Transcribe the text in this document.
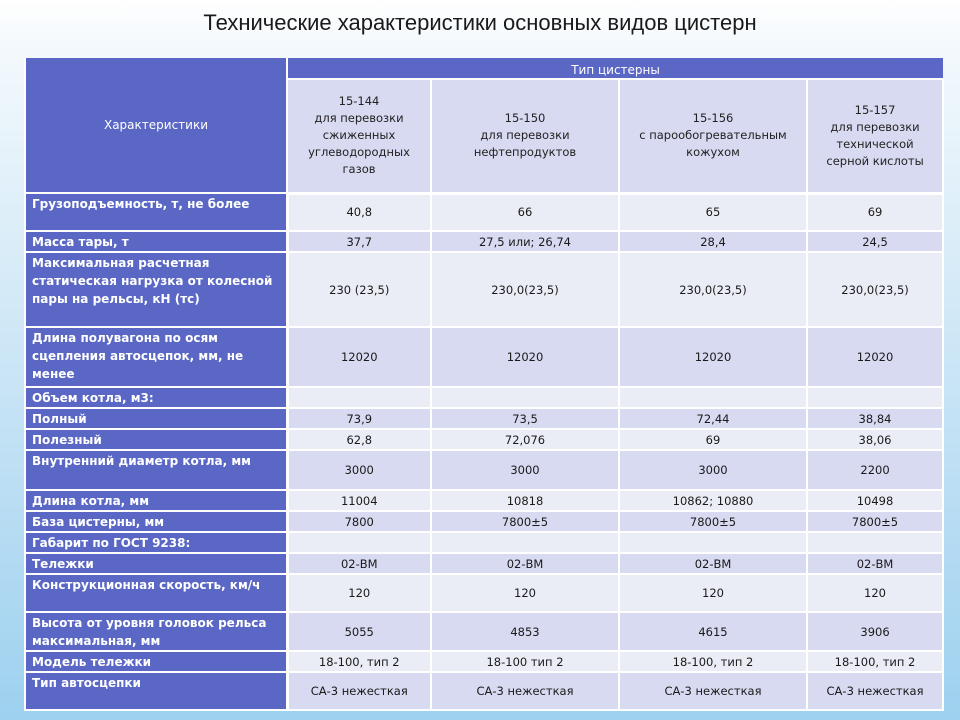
Технические характеристики основных видов цистерн
Характеристики	Тип цистерны			
	15-144
для перевозки
сжиженных
углеводородных
газов	15-150
для перевозки
нефтепродуктов	15-156
с парообогревательным
кожухом	15-157
для перевозки
технической
серной кислоты
Грузоподъемность, т, не более	40,8	66	65	69
Масса тары, т	37,7	27,5 или; 26,74	28,4	24,5
Максимальная расчетная статическая нагрузка от колесной пары на рельсы, кН (тс)	230 (23,5)	230,0(23,5)	230,0(23,5)	230,0(23,5)
Длина полувагона по осям сцепления автосцепок, мм, не менее	12020	12020	12020	12020
Объем котла, м3:				
Полный	73,9	73,5	72,44	38,84
Полезный	62,8	72,076	69	38,06
Внутренний диаметр котла, мм	3000	3000	3000	2200
Длина котла, мм	11004	10818	10862; 10880	10498
База цистерны, мм	7800	7800±5	7800±5	7800±5
Габарит по ГОСТ 9238:				
Тележки	02-ВМ	02-ВМ	02-ВМ	02-ВМ
Конструкционная скорость, км/ч	120	120	120	120
Высота от уровня головок рельса максимальная, мм	5055	4853	4615	3906
Модель тележки	18-100, тип 2	18-100 тип 2	18-100, тип 2	18-100, тип 2
Тип автосцепки	СА-3 нежесткая	СА-3 нежесткая	СА-3 нежесткая	СА-3 нежесткая
